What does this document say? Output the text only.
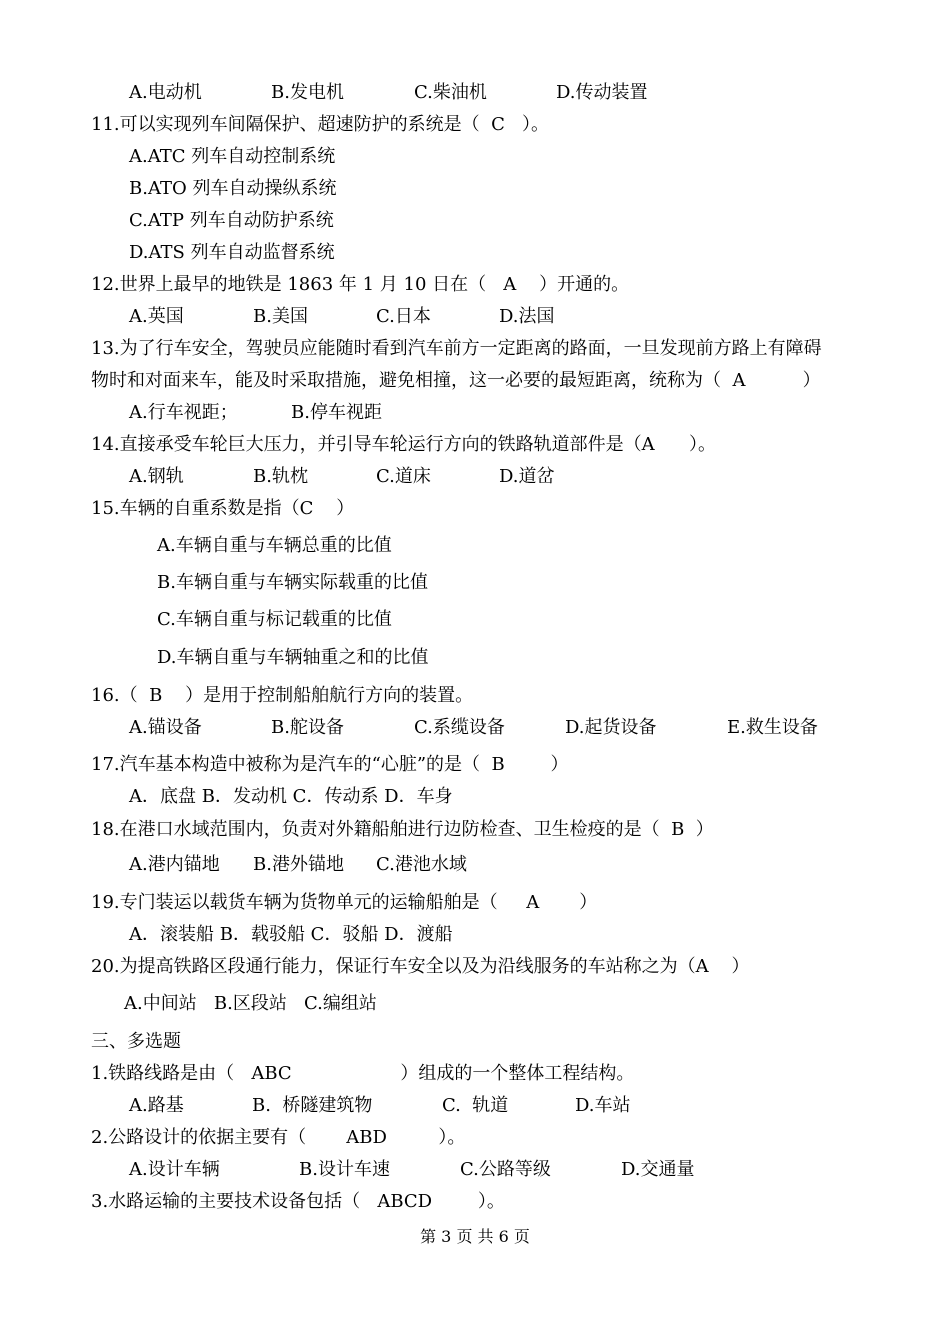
A.电动机

	B.发电机

	C.柴油机

	D.传动装置

11.可以实现列车间隔保护、超速防护的系统是（  C   ）。
A.ATC 列车自动控制系统
B.ATO 列车自动操纵系统
C.ATP 列车自动防护系统
D.ATS 列车自动监督系统
12.世界上最早的地铁是 1863 年 1 月 10 日在（   A    ）开通的。

A.英国

	B.美国

	C.日本

	D.法国

13.为了行车安全，驾驶员应能随时看到汽车前方一定距离的路面，一旦发现前方路上有障碍
物时和对面来车，能及时采取措施，避免相撞，这一必要的最短距离，统称为（  A          ）

A.行车视距；

	B.停车视距

14.直接承受车轮巨大压力，并引导车轮运行方向的铁路轨道部件是（A      ）。

A.钢轨

	B.轨枕

	C.道床

	D.道岔

15.车辆的自重系数是指（C    ）
A.车辆自重与车辆总重的比值
B.车辆自重与车辆实际载重的比值
C.车辆自重与标记载重的比值
D.车辆自重与车辆轴重之和的比值
16.（  B    ）是用于控制船舶航行方向的装置。

A.锚设备

	B.舵设备

	C.系缆设备

	D.起货设备

	E.救生设备

17.汽车基本构造中被称为是汽车的“心脏”的是（  B        ）
A．底盘 B．发动机 C．传动系 D．车身
18.在港口水域范围内，负责对外籍船舶进行边防检查、卫生检疫的是（  B  ）

A.港内锚地

B.港外锚地

C.港池水域

19.专门装运以载货车辆为货物单元的运输船舶是（     A       ）
A．滚装船 B．载驳船 C．驳船 D．渡船
20.为提高铁路区段通行能力，保证行车安全以及为沿线服务的车站称之为（A    ）
A.中间站   B.区段站   C.编组站
三、多选题
1.铁路线路是由（   ABC                   ）组成的一个整体工程结构。

A.路基

	B.  桥隧建筑物

	C.  轨道

	D.车站

2.公路设计的依据主要有（       ABD         ）。

A.设计车辆

	B.设计车速

	C.公路等级

	D.交通量

3.水路运输的主要技术设备包括（   ABCD        ）。
第 3 页 共 6 页
